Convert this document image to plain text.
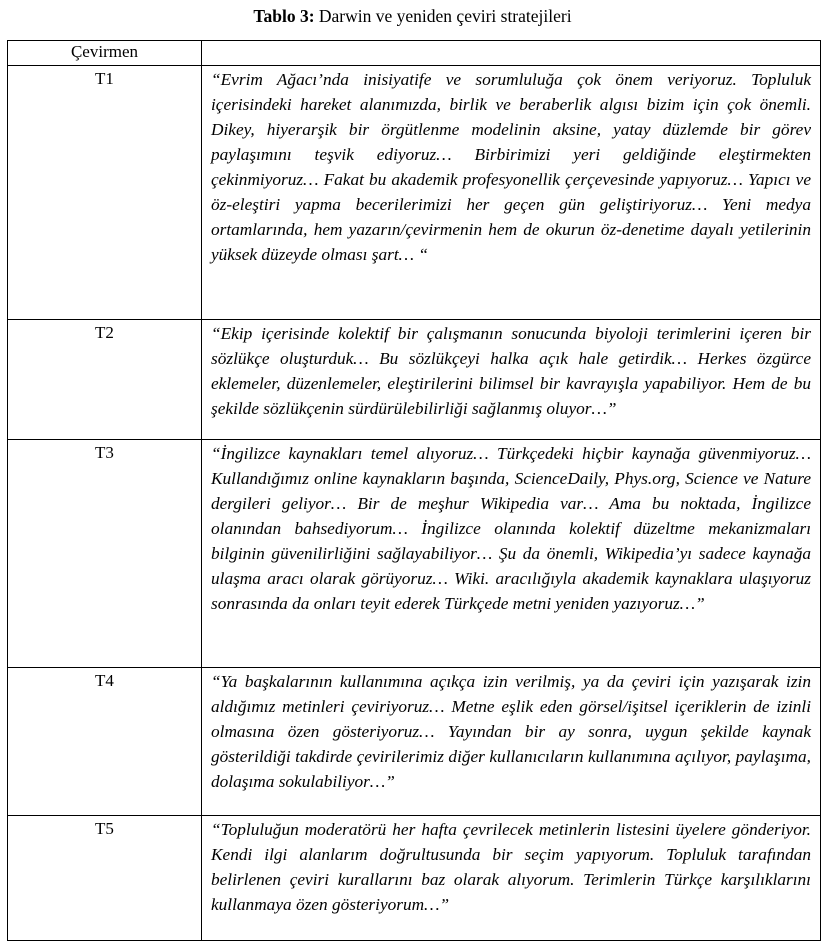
Tablo 3: Darwin ve yeniden çeviri stratejileri
Çevirmen	

T1	“Evrim Ağacı’nda inisiyatife ve sorumluluğa çok önem veriyoruz. Topluluk içerisindeki hareket alanımızda, birlik ve beraberlik algısı bizim için çok önemli. Dikey, hiyerarşik bir örgütlenme modelinin aksine, yatay düzlemde bir görev paylaşımını teşvik ediyoruz… Birbirimizi yeri geldiğinde eleştirmekten çekinmiyoruz… Fakat bu akademik profesyonellik çerçevesinde yapıyoruz… Yapıcı ve öz-eleştiri yapma becerilerimizi her geçen gün geliştiriyoruz… Yeni medya ortamlarında, hem yazarın/çevirmenin hem de okurun öz-denetime dayalı yetilerinin yüksek düzeyde olması şart… “

T2	“Ekip içerisinde kolektif bir çalışmanın sonucunda biyoloji terimlerini içeren bir sözlükçe oluşturduk… Bu sözlükçeyi halka açık hale getirdik… Herkes özgürce eklemeler, düzenlemeler, eleştirilerini bilimsel bir kavrayışla yapabiliyor. Hem de bu şekilde sözlükçenin sürdürülebilirliği sağlanmış oluyor…”

T3	“İngilizce kaynakları temel alıyoruz… Türkçedeki hiçbir kaynağa güvenmiyoruz… Kullandığımız online kaynakların başında, ScienceDaily, Phys.org, Science ve Nature dergileri geliyor… Bir de meşhur Wikipedia var… Ama bu noktada, İngilizce olanından bahsediyorum… İngilizce olanında kolektif düzeltme mekanizmaları bilginin güvenilirliğini sağlayabiliyor… Şu da önemli, Wikipedia’yı sadece kaynağa ulaşma aracı olarak görüyoruz… Wiki. aracılığıyla akademik kaynaklara ulaşıyoruz sonrasında da onları teyit ederek Türkçede metni yeniden yazıyoruz…”

T4	“Ya başkalarının kullanımına açıkça izin verilmiş, ya da çeviri için yazışarak izin aldığımız metinleri çeviriyoruz… Metne eşlik eden görsel/işitsel içeriklerin de izinli olmasına özen gösteriyoruz… Yayından bir ay sonra, uygun şekilde kaynak gösterildiği takdirde çevirilerimiz diğer kullanıcıların kullanımına açılıyor, paylaşıma, dolaşıma sokulabiliyor…”

T5	“Topluluğun moderatörü her hafta çevrilecek metinlerin listesini üyelere gönderiyor. Kendi ilgi alanlarım doğrultusunda bir seçim yapıyorum. Topluluk tarafından belirlenen çeviri kurallarını baz olarak alıyorum. Terimlerin Türkçe karşılıklarını kullanmaya özen gösteriyorum…”
